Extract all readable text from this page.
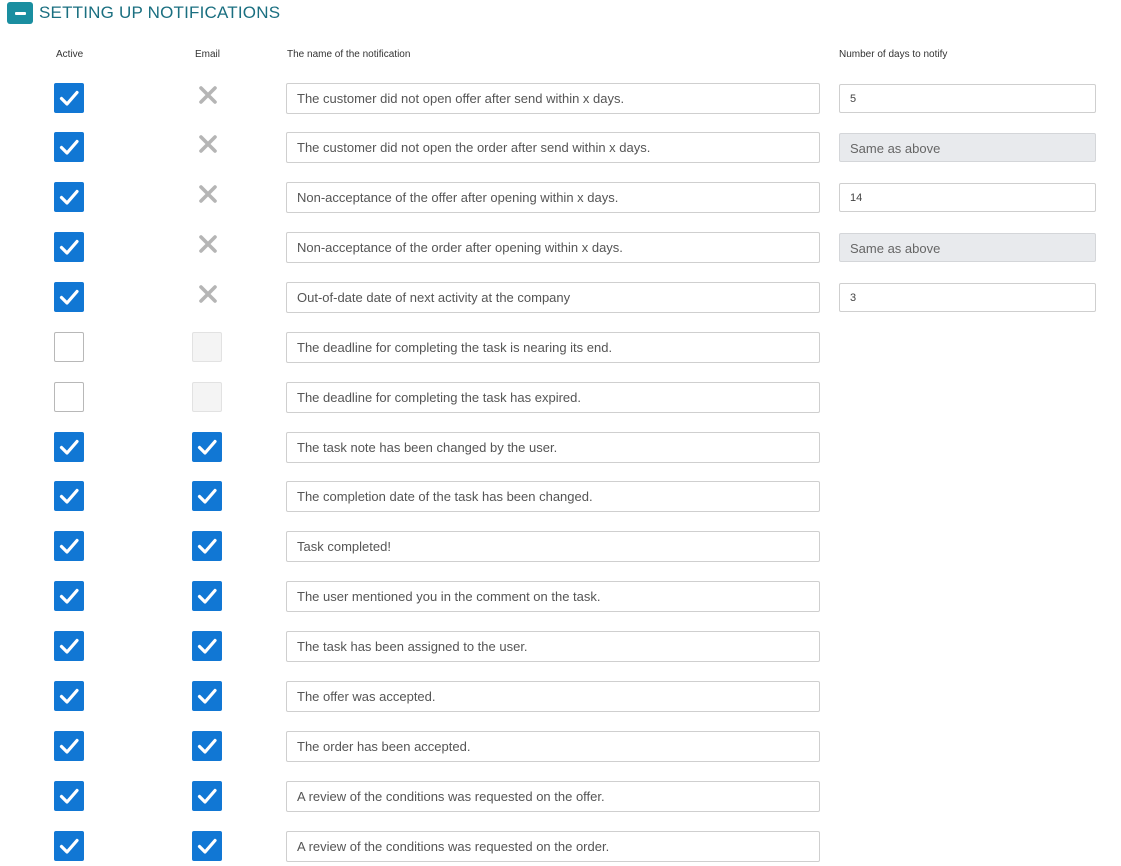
SETTING UP NOTIFICATIONS
Active	Email	The name of the notification	Number of days to notify
The customer did not open offer after send within x days.	5
The customer did not open the order after send within x days.	Same as above
Non-acceptance of the offer after opening within x days.	14
Non-acceptance of the order after opening within x days.	Same as above
Out-of-date date of next activity at the company	3
The deadline for completing the task is nearing its end.
The deadline for completing the task has expired.
The task note has been changed by the user.
The completion date of the task has been changed.
Task completed!
The user mentioned you in the comment on the task.
The task has been assigned to the user.
The offer was accepted.
The order has been accepted.
A review of the conditions was requested on the offer.
A review of the conditions was requested on the order.
